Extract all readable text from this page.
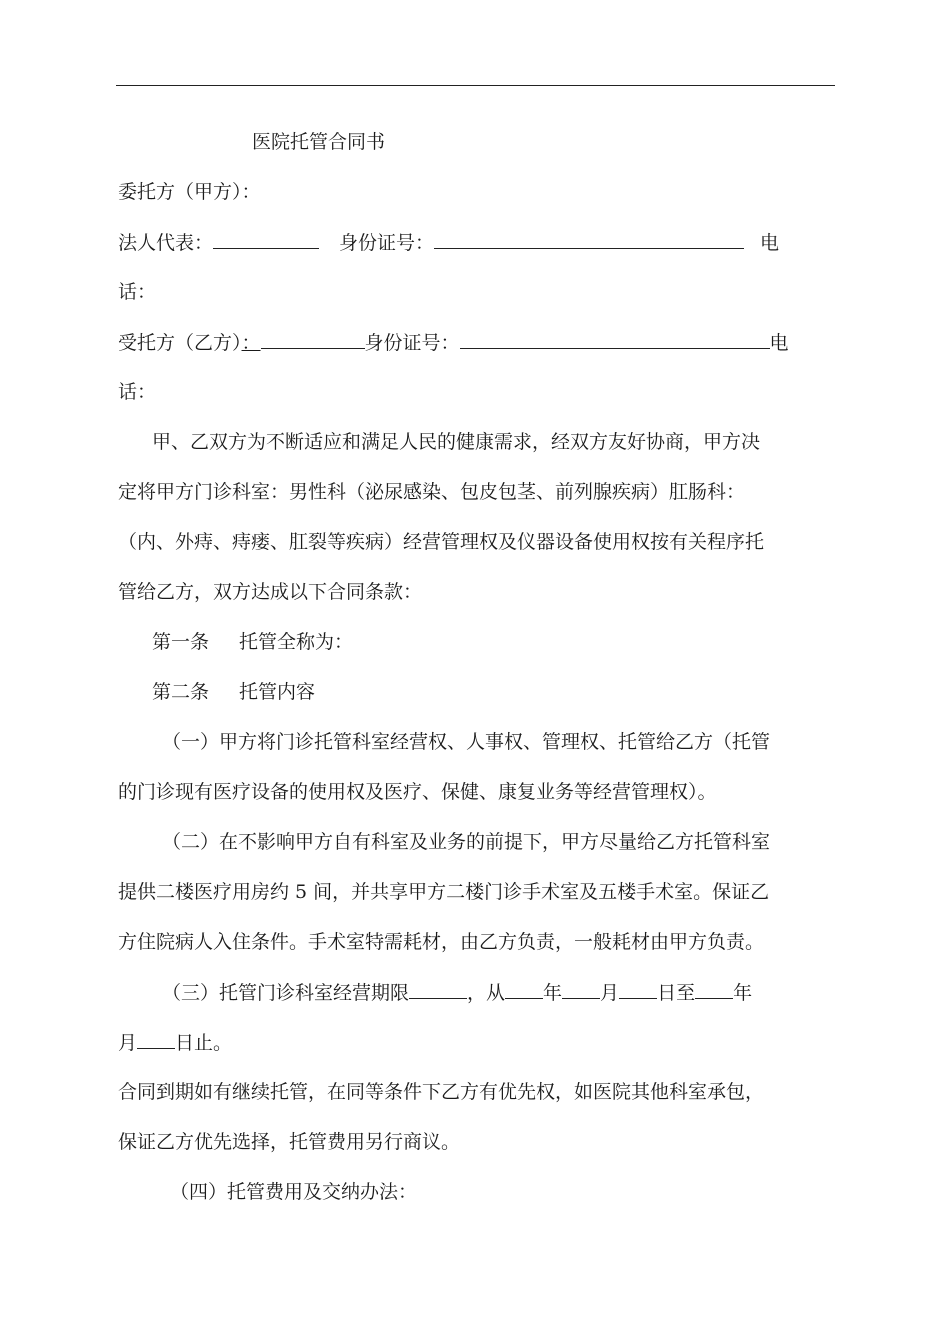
医院托管合同书
委托方（甲方）：
法人代表：	身份证号：	电
话：
受托方（乙方）：	身份证号：	电
话：
甲、乙双方为不断适应和满足人民的健康需求，经双方友好协商，甲方决
定将甲方门诊科室：男性科（泌尿感染、包皮包茎、前列腺疾病）肛肠科：
（内、外痔、痔瘘、肛裂等疾病）经营管理权及仪器设备使用权按有关程序托
管给乙方，双方达成以下合同条款：
第一条 托管全称为：
第二条 托管内容
（一）甲方将门诊托管科室经营权、人事权、管理权、托管给乙方（托管
的门诊现有医疗设备的使用权及医疗、保健、康复业务等经营管理权）。
（二）在不影响甲方自有科室及业务的前提下，甲方尽量给乙方托管科室
提供二楼医疗用房约 5 间，并共享甲方二楼门诊手术室及五楼手术室。保证乙
方住院病人入住条件。手术室特需耗材，由乙方负责，一般耗材由甲方负责。
（三）托管门诊科室经营期限	，从 年 月 日至 年
月 日止。
合同到期如有继续托管，在同等条件下乙方有优先权，如医院其他科室承包，
保证乙方优先选择，托管费用另行商议。
（四）托管费用及交纳办法：
